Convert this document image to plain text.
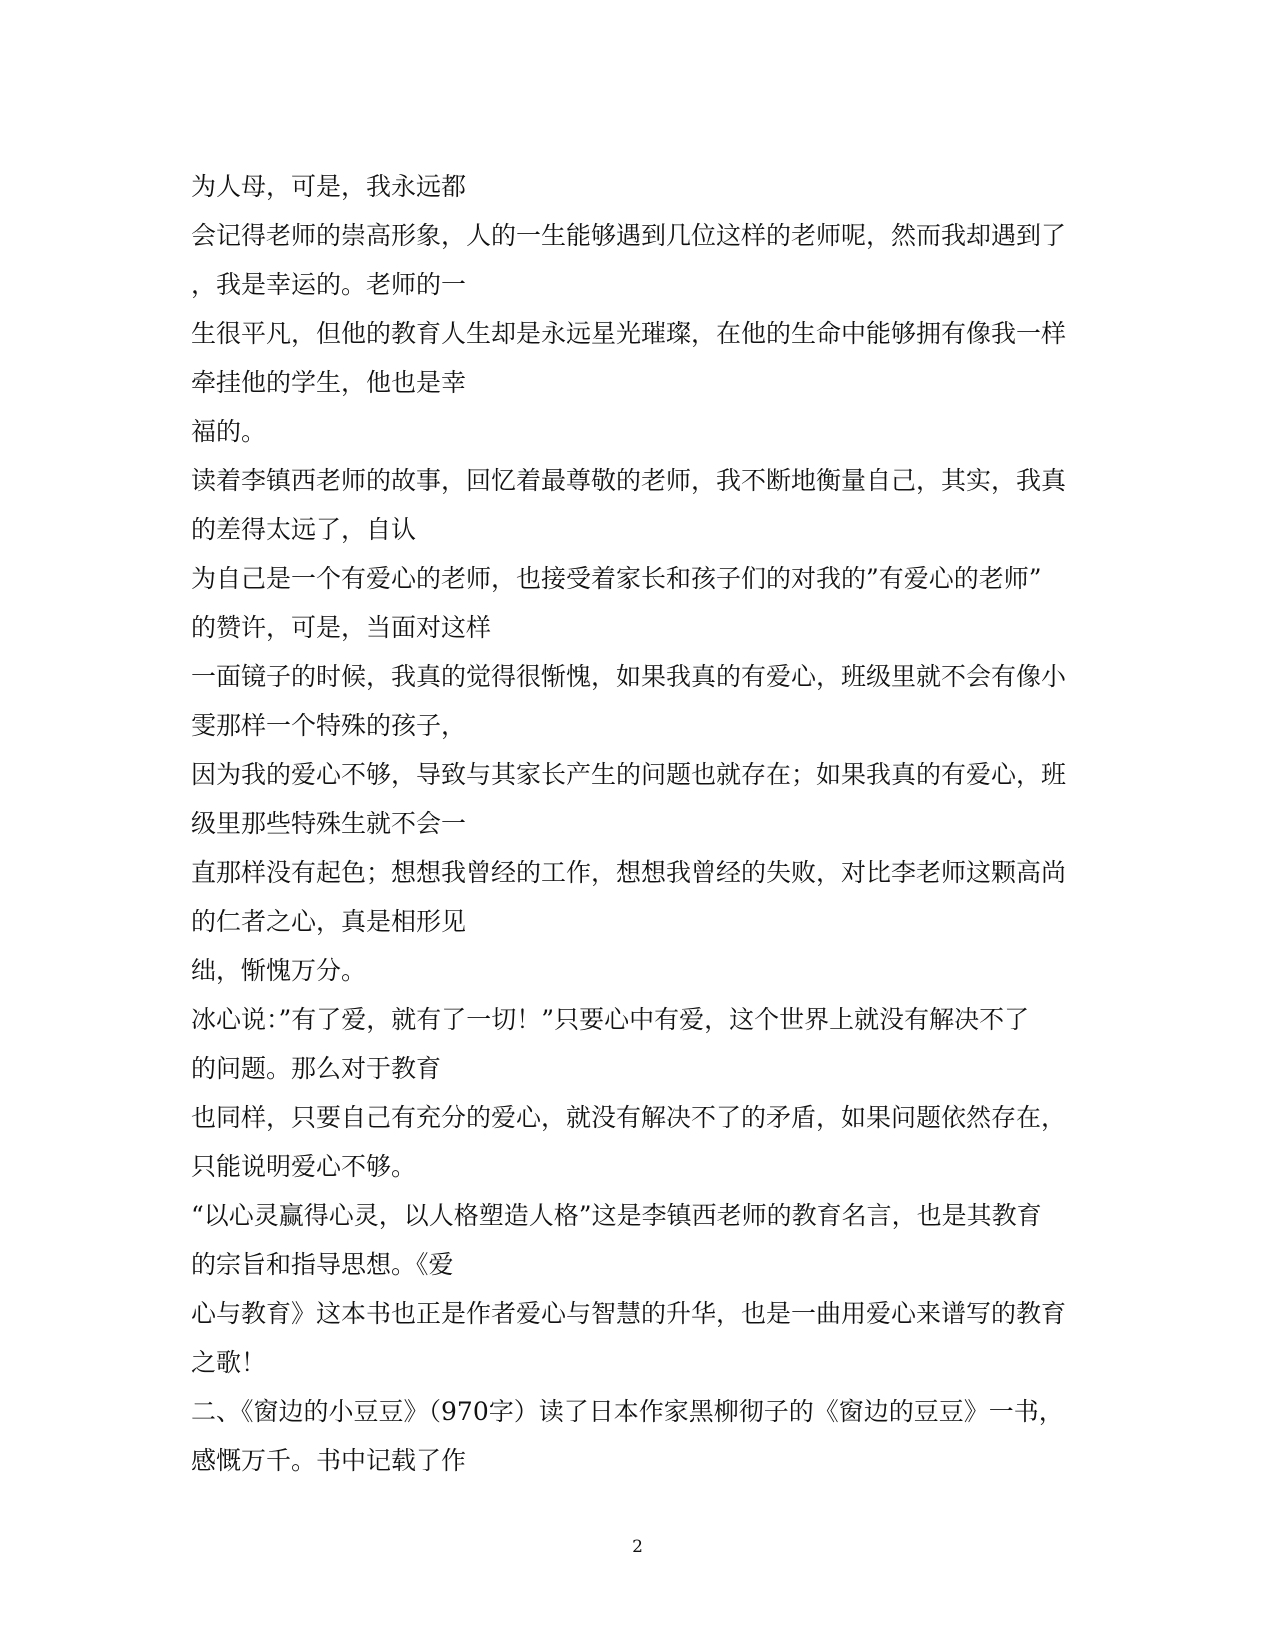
为人母，可是，我永远都
会记得老师的崇高形象，人的一生能够遇到几位这样的老师呢，然而我却遇到了
，我是幸运的。老师的一
生很平凡，但他的教育人生却是永远星光璀璨，在他的生命中能够拥有像我一样
牵挂他的学生，他也是幸
福的。
读着李镇西老师的故事，回忆着最尊敬的老师，我不断地衡量自己，其实，我真
的差得太远了，自认
为自己是一个有爱心的老师，也接受着家长和孩子们的对我的”有爱心的老师”
的赞许，可是，当面对这样
一面镜子的时候，我真的觉得很惭愧，如果我真的有爱心，班级里就不会有像小
雯那样一个特殊的孩子，
因为我的爱心不够，导致与其家长产生的问题也就存在；如果我真的有爱心，班
级里那些特殊生就不会一
直那样没有起色；想想我曾经的工作，想想我曾经的失败，对比李老师这颗高尚
的仁者之心，真是相形见
绌，惭愧万分。
冰心说：”有了爱，就有了一切！”只要心中有爱，这个世界上就没有解决不了
的问题。那么对于教育
也同样，只要自己有充分的爱心，就没有解决不了的矛盾，如果问题依然存在，
只能说明爱心不够。
“以心灵赢得心灵，以人格塑造人格”这是李镇西老师的教育名言，也是其教育
的宗旨和指导思想。《爱
心与教育》这本书也正是作者爱心与智慧的升华，也是一曲用爱心来谱写的教育
之歌！
二、《窗边的小豆豆》（970字）读了日本作家黑柳彻子的《窗边的豆豆》一书，
感慨万千。书中记载了作
2
